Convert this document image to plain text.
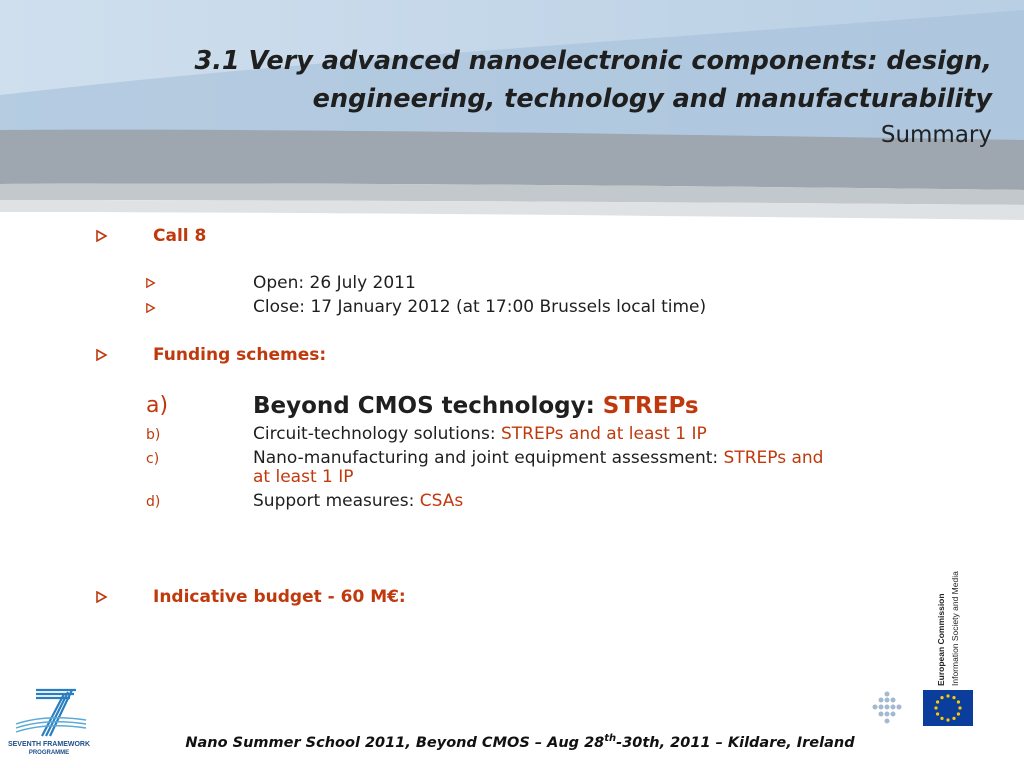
3.1 Very advanced nanoelectronic components: design,
engineering, technology and manufacturability
Summary
Call 8
Open: 26 July 2011
Close: 17 January 2012 (at 17:00 Brussels local time)
Funding schemes:
a)	Beyond CMOS technology: STREPs
b)	Circuit-technology solutions: STREPs and at least 1 IP
c)	Nano-manufacturing and joint equipment assessment: STREPs and
at least 1 IP
d)	Support measures: CSAs
Indicative budget - 60 M€:
SEVENTH FRAMEWORK
PROGRAMME
European Commission Information Society and Media
Nano Summer School 2011, Beyond CMOS – Aug 28th-30th, 2011 – Kildare, Ireland
